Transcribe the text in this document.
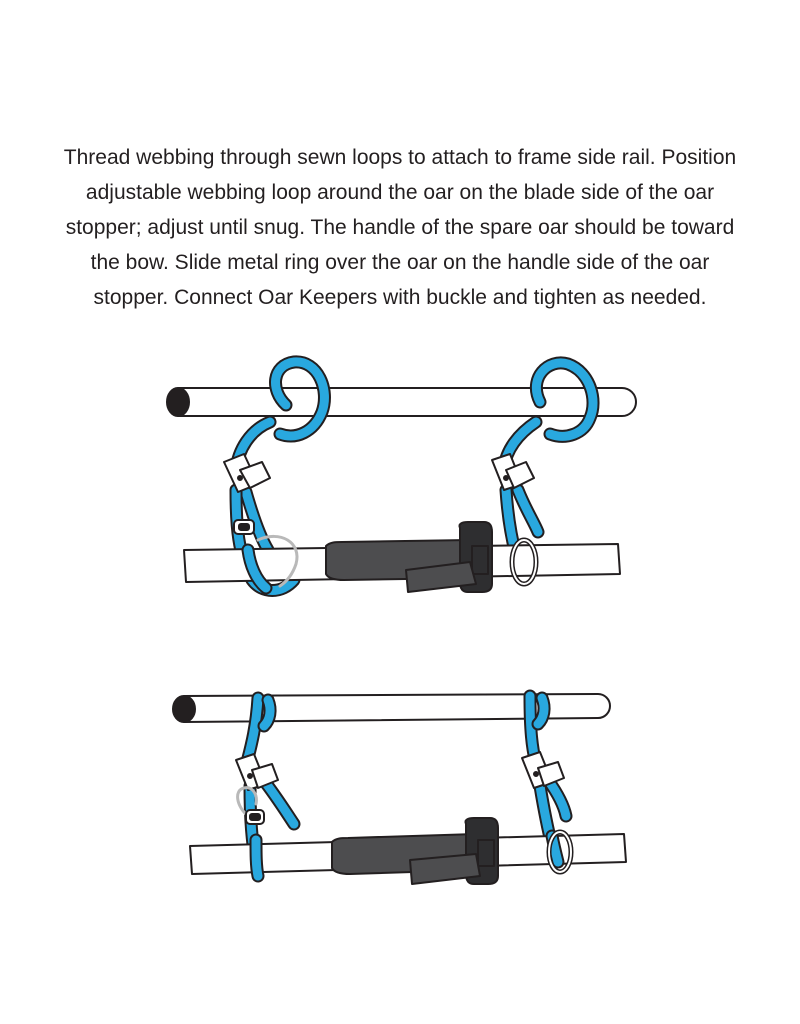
Thread webbing through sewn loops to attach to frame side rail. Position
adjustable webbing loop around the oar on the blade side of the oar
stopper; adjust until snug. The handle of the spare oar should be toward
the bow. Slide metal ring over the oar on the handle side of the oar
stopper. Connect Oar Keepers with buckle and tighten as needed.
